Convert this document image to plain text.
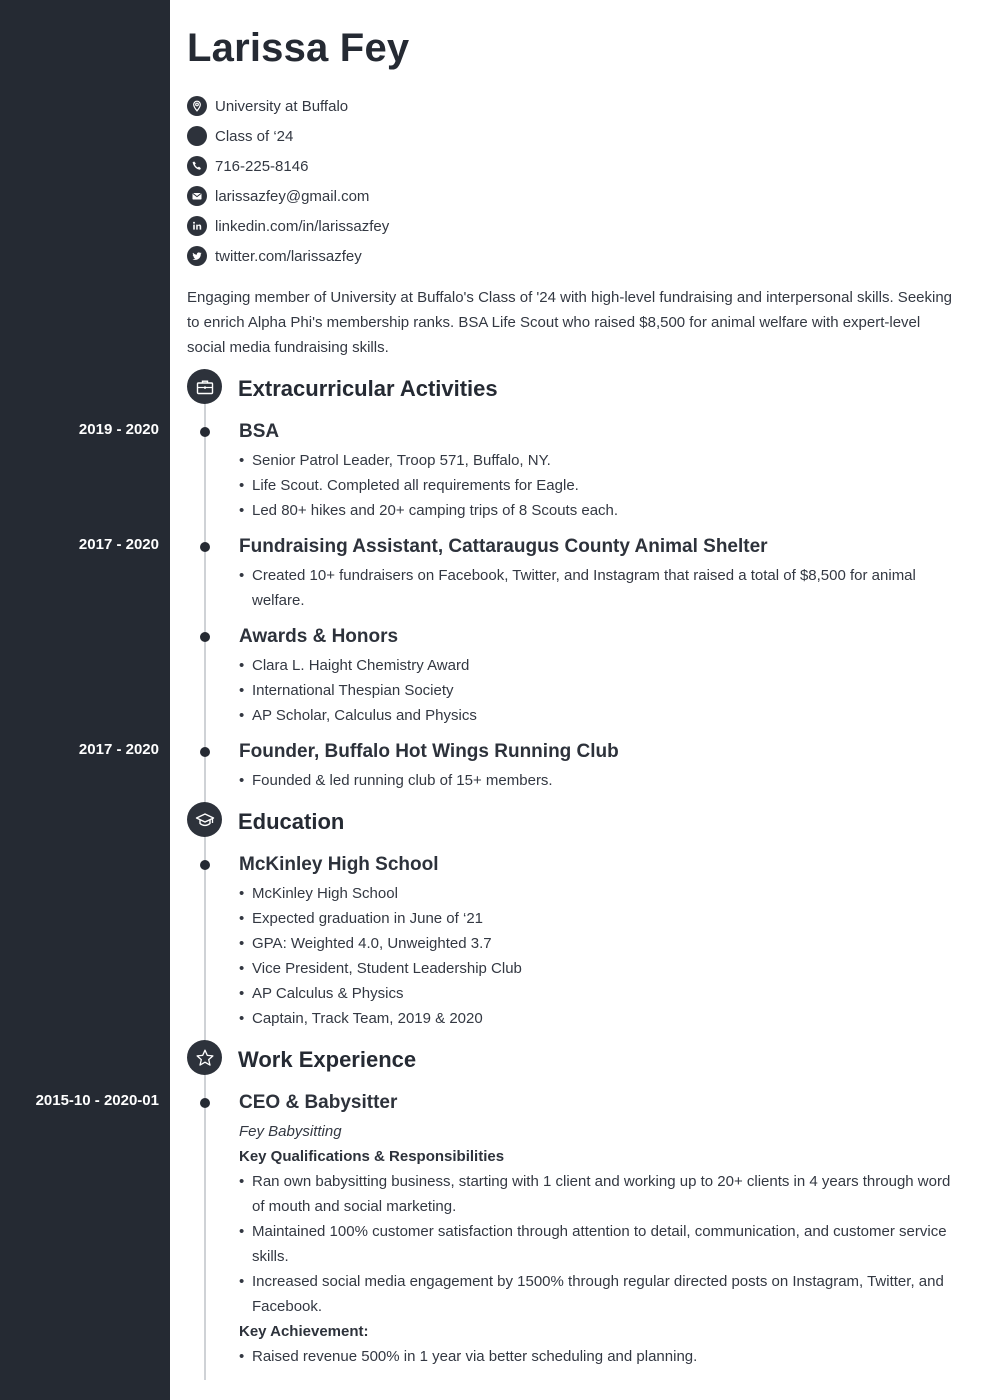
Larissa Fey
University at Buffalo
Class of ‘24
716-225-8146
larissazfey@gmail.com
linkedin.com/in/larissazfey
twitter.com/larissazfey

Engaging member of University at Buffalo's Class of '24 with high-level fundraising and interpersonal skills. Seeking to enrich Alpha Phi's membership ranks. BSA Life Scout who raised $8,500 for animal welfare with expert-level social media fundraising skills.

Extracurricular Activities
2019 - 2020	BSA
• Senior Patrol Leader, Troop 571, Buffalo, NY.
• Life Scout. Completed all requirements for Eagle.
• Led 80+ hikes and 20+ camping trips of 8 Scouts each.
2017 - 2020	Fundraising Assistant, Cattaraugus County Animal Shelter
• Created 10+ fundraisers on Facebook, Twitter, and Instagram that raised a total of $8,500 for animal welfare.
Awards & Honors
• Clara L. Haight Chemistry Award
• International Thespian Society
• AP Scholar, Calculus and Physics
2017 - 2020	Founder, Buffalo Hot Wings Running Club
• Founded & led running club of 15+ members.
Education
McKinley High School
• McKinley High School
• Expected graduation in June of ‘21
• GPA: Weighted 4.0, Unweighted 3.7
• Vice President, Student Leadership Club
• AP Calculus & Physics
• Captain, Track Team, 2019 & 2020
Work Experience
2015-10 - 2020-01	CEO & Babysitter
Fey Babysitting
Key Qualifications & Responsibilities
• Ran own babysitting business, starting with 1 client and working up to 20+ clients in 4 years through word of mouth and social marketing.
• Maintained 100% customer satisfaction through attention to detail, communication, and customer service skills.
• Increased social media engagement by 1500% through regular directed posts on Instagram, Twitter, and Facebook.
Key Achievement:
• Raised revenue 500% in 1 year via better scheduling and planning.
